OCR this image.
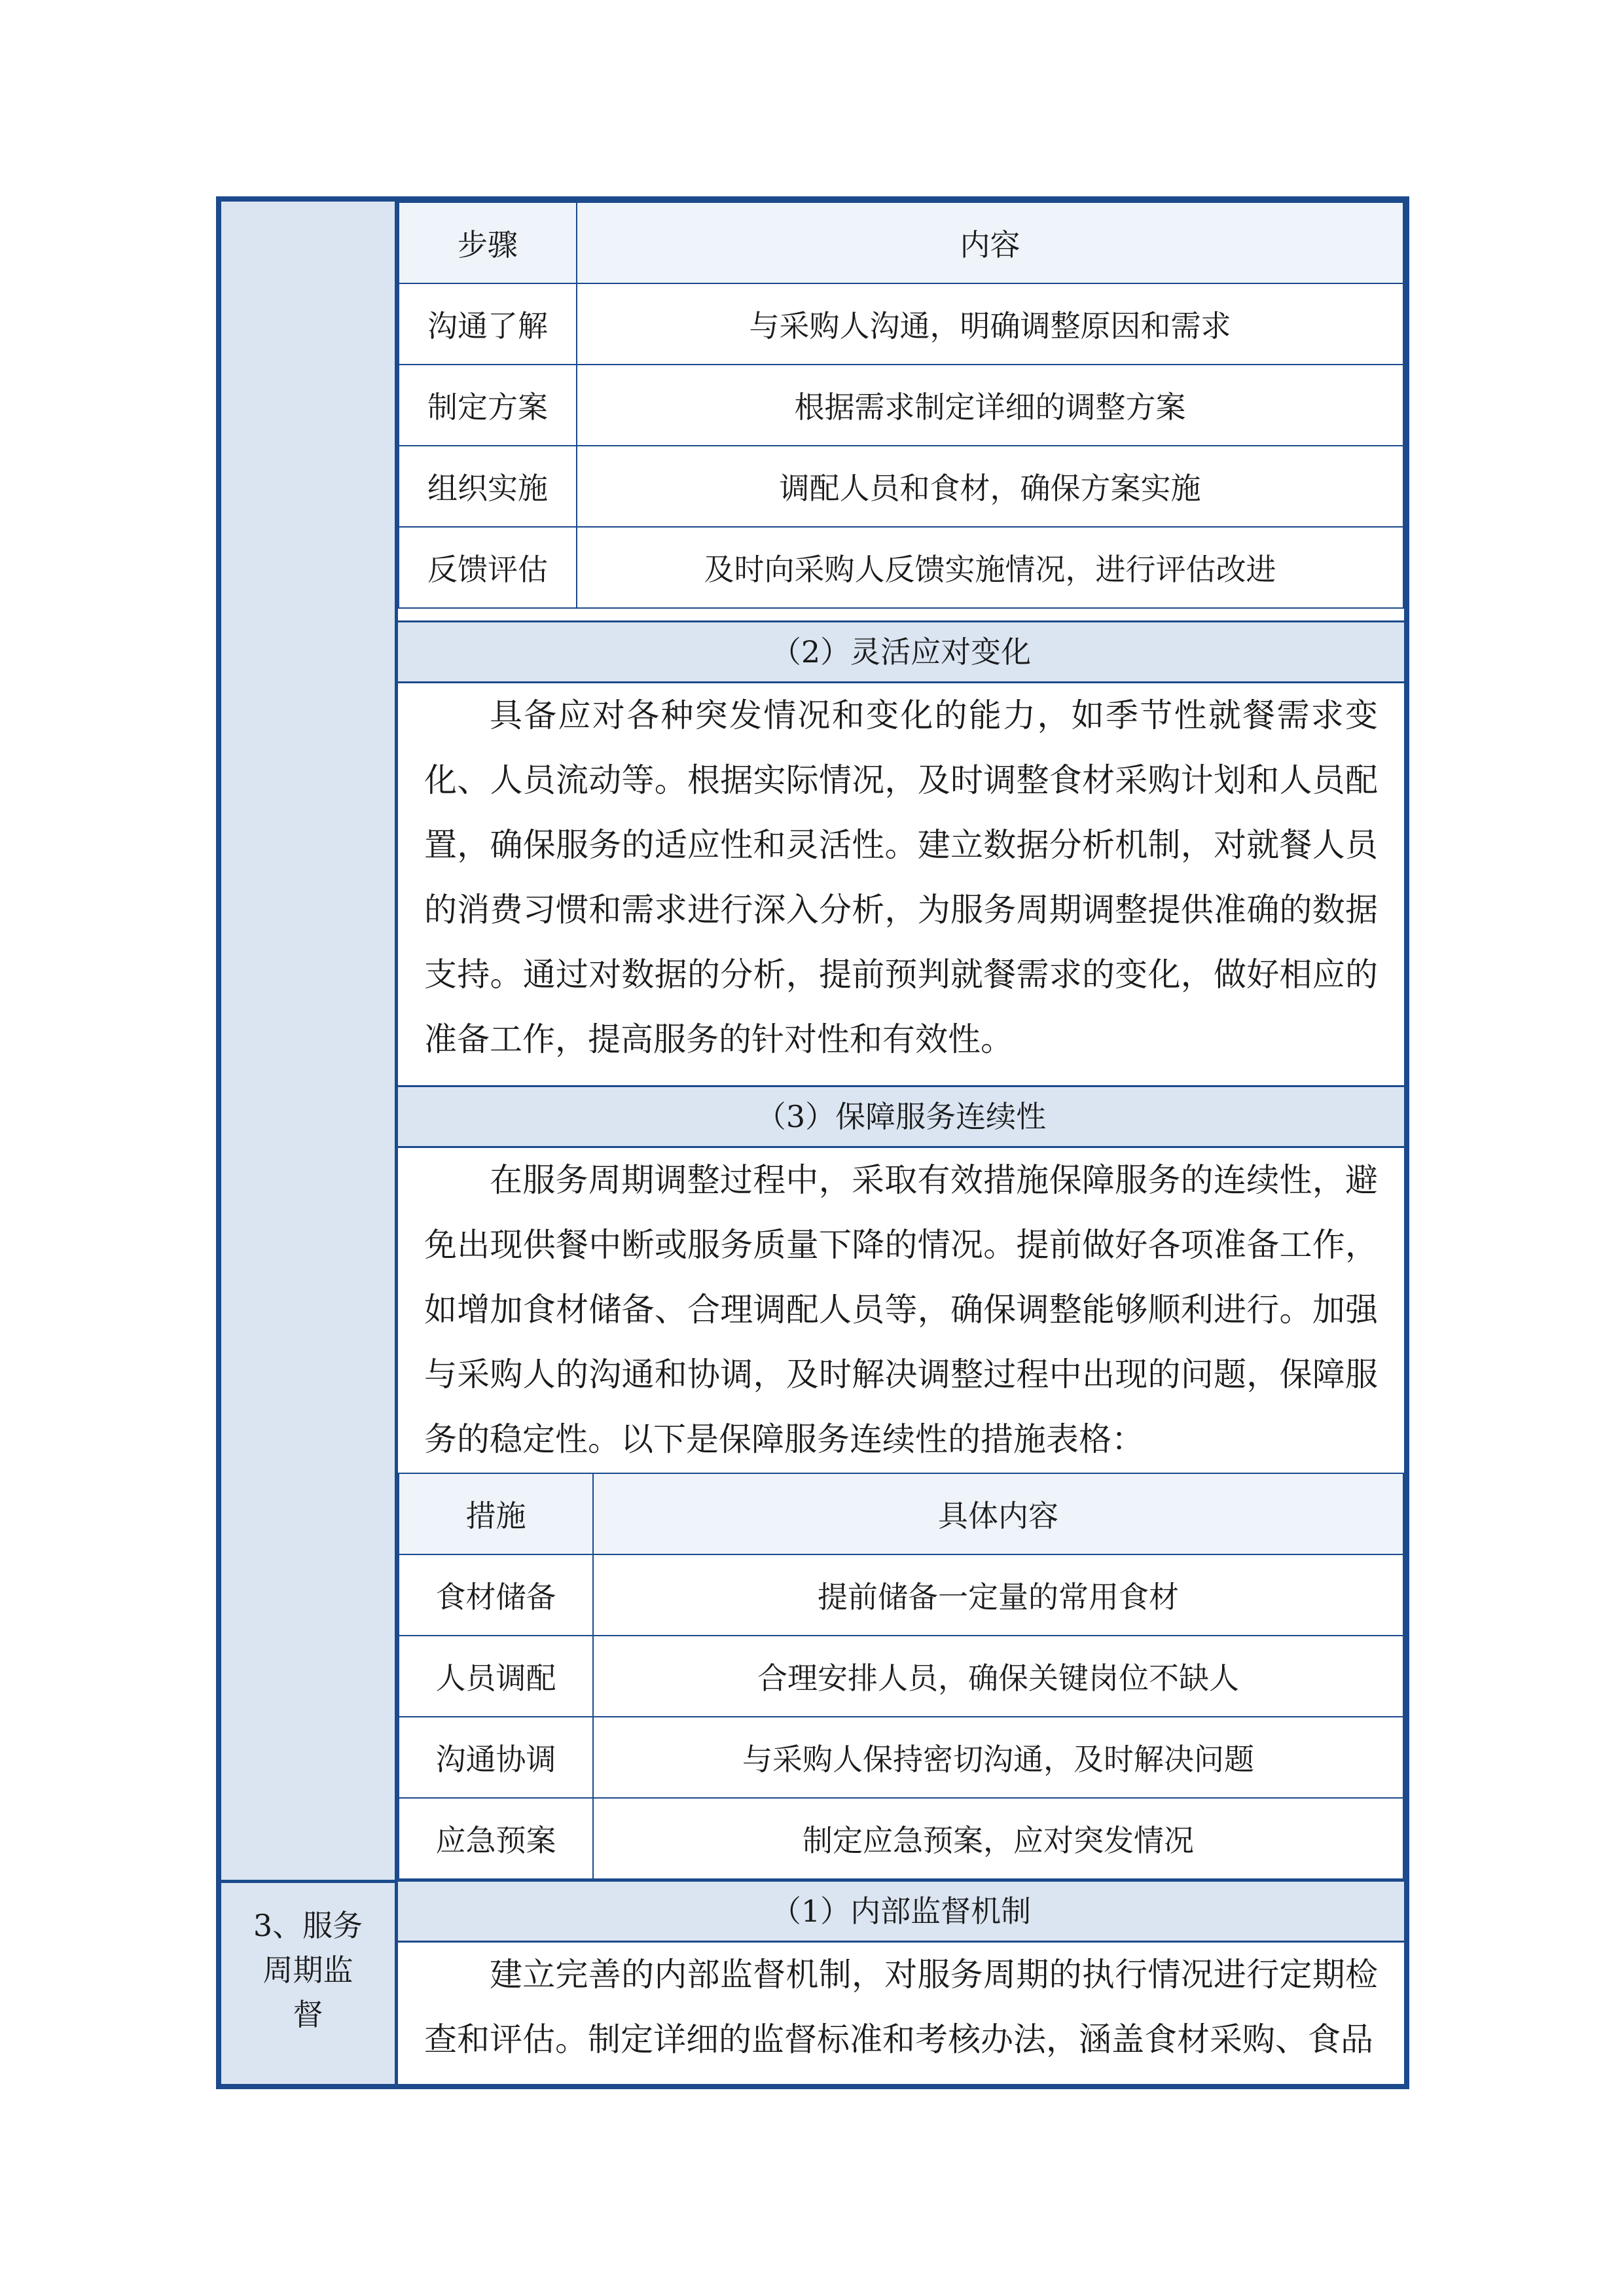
3、服务
周期监
督
步骤	内容
沟通了解	与采购人沟通，明确调整原因和需求
制定方案	根据需求制定详细的调整方案
组织实施	调配人员和食材，确保方案实施
反馈评估	及时向采购人反馈实施情况，进行评估改进
（2）灵活应对变化
具备应对各种突发情况和变化的能力，如季节性就餐需求变化、人员流动等。根据实际情况，及时调整食材采购计划和人员配置，确保服务的适应性和灵活性。建立数据分析机制，对就餐人员的消费习惯和需求进行深入分析，为服务周期调整提供准确的数据支持。通过对数据的分析，提前预判就餐需求的变化，做好相应的准备工作，提高服务的针对性和有效性。
（3）保障服务连续性
在服务周期调整过程中，采取有效措施保障服务的连续性，避免出现供餐中断或服务质量下降的情况。提前做好各项准备工作，如增加食材储备、合理调配人员等，确保调整能够顺利进行。加强与采购人的沟通和协调，及时解决调整过程中出现的问题，保障服务的稳定性。以下是保障服务连续性的措施表格：
措施	具体内容
食材储备	提前储备一定量的常用食材
人员调配	合理安排人员，确保关键岗位不缺人
沟通协调	与采购人保持密切沟通，及时解决问题
应急预案	制定应急预案，应对突发情况
（1）内部监督机制
建立完善的内部监督机制，对服务周期的执行情况进行定期检查和评估。制定详细的监督标准和考核办法，涵盖食材采购、食品
